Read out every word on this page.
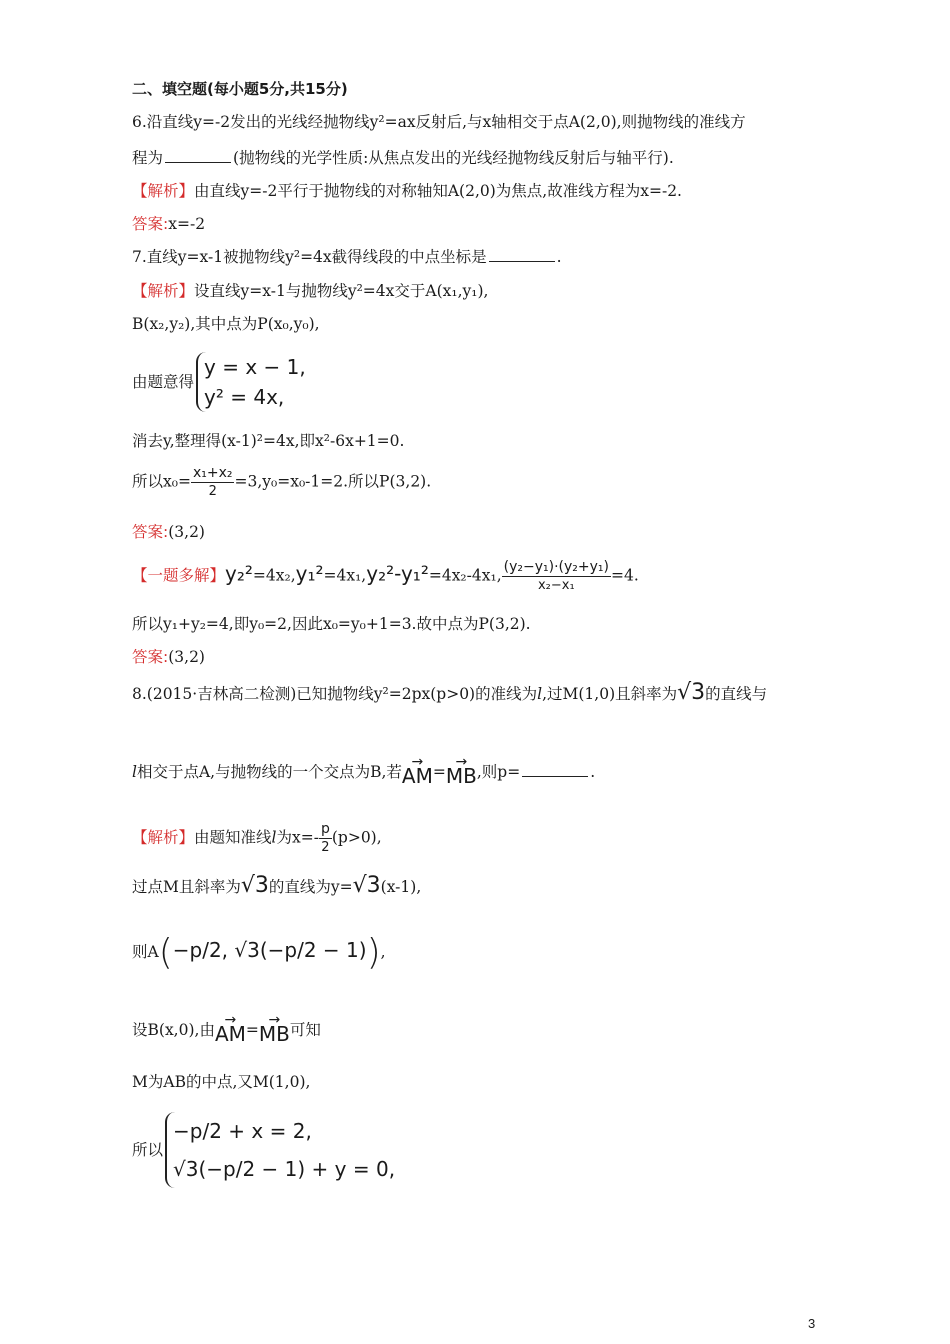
二、填空题(每小题5分,共15分)
6.沿直线y=-2发出的光线经抛物线y²=ax反射后,与x轴相交于点A(2,0),则抛物线的准线方
程为	(抛物线的光学性质:从焦点发出的光线经抛物线反射后与轴平行).
【解析】由直线y=-2平行于抛物线的对称轴知A(2,0)为焦点,故准线方程为x=-2.
答案:x=-2
7.直线y=x-1被抛物线y²=4x截得线段的中点坐标是	.
【解析】设直线y=x-1与抛物线y²=4x交于A(x₁,y₁),
B(x₂,y₂),其中点为P(x₀,y₀),
由题意得
y = x − 1,
y² = 4x,
消去y,整理得(x-1)²=4x,即x²-6x+1=0.
所以$x_0= \frac{\text{x₁+x₂}}{2} =3,y_0=x_0-1=2$.所以P(3,2).
答案:(3,2)
【一题多解】y₂²=4x₂,y₁²=4x₁,y₂²-y₁²=4x₂-4x₁, $\frac{\text{(y₂−y₁)·(y₂+y₁)}}{\text{x₂−x₁}} =4$.
所以y₁+y₂=4,即y₀=2,因此x₀=y₀+1=3.故中点为P(3,2).
答案:(3,2)
8.(2015·吉林高二检测)已知抛物线y²=2px(p>0)的准线为l,过M(1,0)且斜率为√3的直线与
l相交于点A,与抛物线的一个交点为B,若→ AM=→ MB,则p=	.
【解析】由题知准线l为$x=- \frac{p}{2} (p>0)$,
过点M且斜率为√3的直线为y=√3(x-1),
则A(−p/2, √3(−p/2 − 1)),
设B(x,0),由→ AM=→ MB可知
M为AB的中点,又M(1,0),
所以
−p/2 + x = 2,
√3(−p/2 − 1) + y = 0,
3
